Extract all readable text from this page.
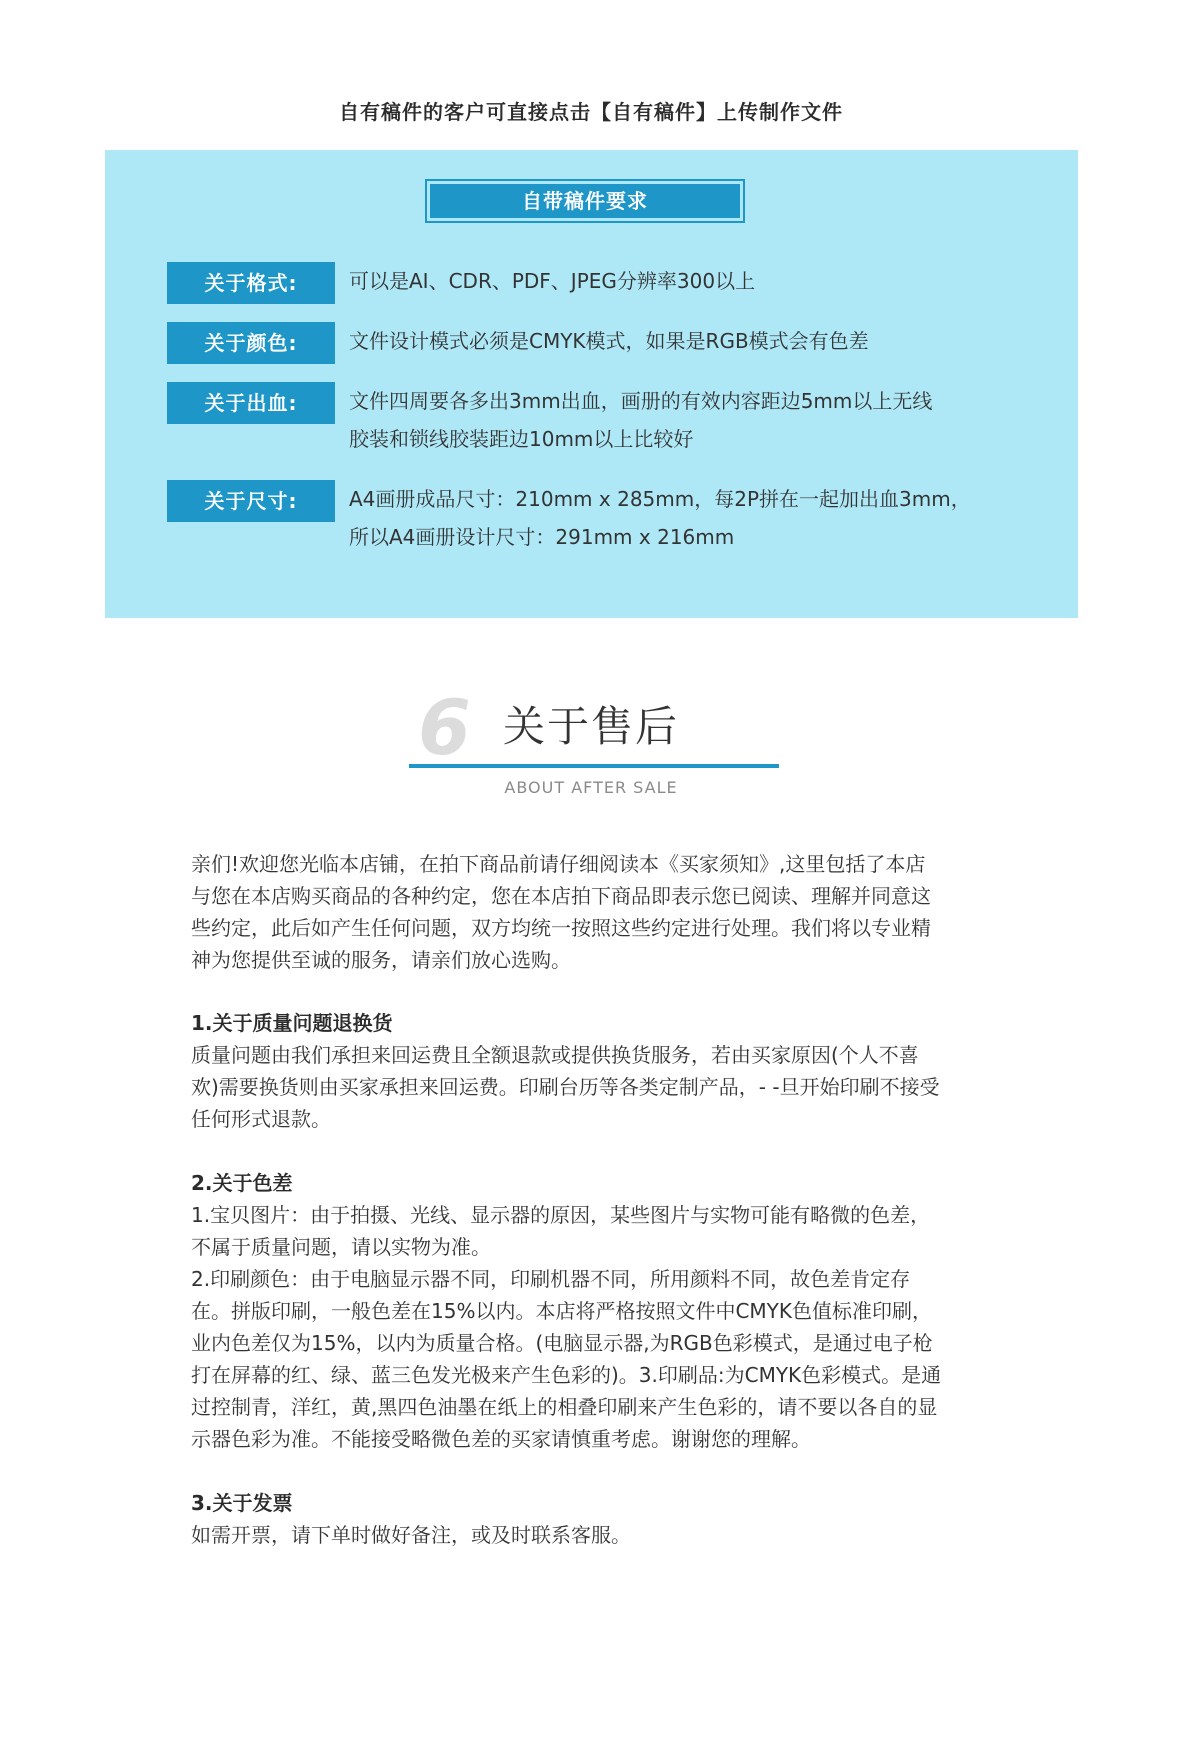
自有稿件的客户可直接点击【自有稿件】上传制作文件
自带稿件要求
关于格式:	可以是AI、CDR、PDF、JPEG分辨率300以上
关于颜色:	文件设计模式必须是CMYK模式，如果是RGB模式会有色差
关于出血:	文件四周要各多出3mm出血，画册的有效内容距边5mm以上无线
胶装和锁线胶装距边10mm以上比较好
关于尺寸:	A4画册成品尺寸：210mm x 285mm，每2P拼在一起加出血3mm，
所以A4画册设计尺寸：291mm x 216mm
6 关于售后
ABOUT AFTER SALE
亲们!欢迎您光临本店铺，在拍下商品前请仔细阅读本《买家须知》,这里包括了本店
与您在本店购买商品的各种约定，您在本店拍下商品即表示您已阅读、理解并同意这
些约定，此后如产生任何问题，双方均统一按照这些约定进行处理。我们将以专业精
神为您提供至诚的服务，请亲们放心选购。
1.关于质量问题退换货
质量问题由我们承担来回运费且全额退款或提供换货服务，若由买家原因(个人不喜
欢)需要换货则由买家承担来回运费。印刷台历等各类定制产品，- -旦开始印刷不接受
任何形式退款。
2.关于色差
1.宝贝图片：由于拍摄、光线、显示器的原因，某些图片与实物可能有略微的色差，
不属于质量问题，请以实物为准。
2.印刷颜色：由于电脑显示器不同，印刷机器不同，所用颜料不同，故色差肯定存
在。拼版印刷，一般色差在15%以内。本店将严格按照文件中CMYK色值标准印刷，
业内色差仅为15%，以内为质量合格。(电脑显示器,为RGB色彩模式，是通过电子枪
打在屏幕的红、绿、蓝三色发光极来产生色彩的)。3.印刷品:为CMYK色彩模式。是通
过控制青，洋红，黄,黑四色油墨在纸上的相叠印刷来产生色彩的，请不要以各自的显
示器色彩为准。不能接受略微色差的买家请慎重考虑。谢谢您的理解。
3.关于发票
如需开票，请下单时做好备注，或及时联系客服。
